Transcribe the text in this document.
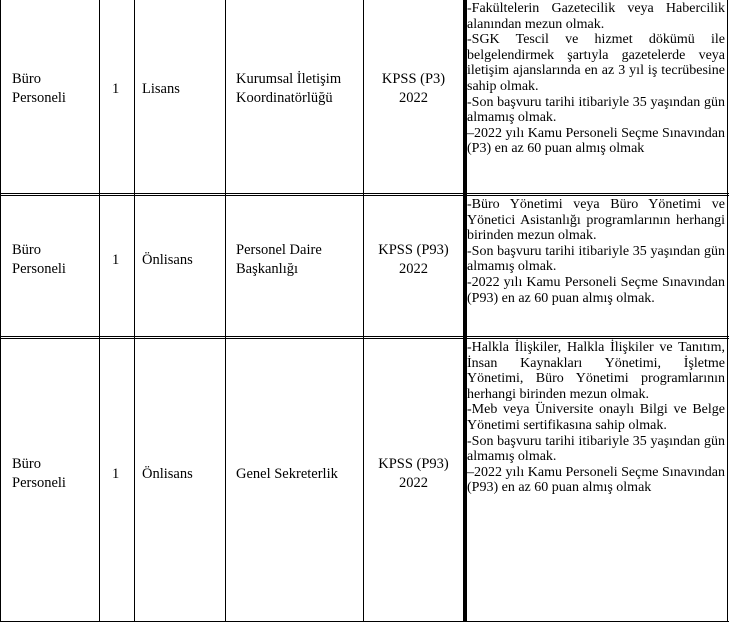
Büro Personeli
1 Lisans
Kurumsal İletişim Koordinatörlüğü
KPSS (P3)
2022

-Fakültelerin Gazetecilik veya Habercilik alanından mezun olmak.

-SGK Tescil ve hizmet dökümü ile belgelendirmek şartıyla gazetelerde veya iletişim ajanslarında en az 3 yıl iş tecrübesine sahip olmak.

-Son başvuru tarihi itibariyle 35 yaşından gün almamış olmak.

–2022 yılı Kamu Personeli Seçme Sınavından (P3) en az 60 puan almış olmak

Büro Personeli
1 Önlisans
Personel Daire Başkanlığı
KPSS (P93)
2022

-Büro Yönetimi veya Büro Yönetimi ve Yönetici Asistanlığı programlarının herhangi birinden mezun olmak.

-Son başvuru tarihi itibariyle 35 yaşından gün almamış olmak.

-2022 yılı Kamu Personeli Seçme Sınavından (P93) en az 60 puan almış olmak.

Büro Personeli
1 Önlisans	Genel Sekreterlik
KPSS (P93)
2022

-Halkla İlişkiler, Halkla İlişkiler ve Tanıtım, İnsan Kaynakları Yönetimi, İşletme Yönetimi, Büro Yönetimi programlarının herhangi birinden mezun olmak.

-Meb veya Üniversite onaylı Bilgi ve Belge Yönetimi sertifikasına sahip olmak.

-Son başvuru tarihi itibariyle 35 yaşından gün almamış olmak.

–2022 yılı Kamu Personeli Seçme Sınavından (P93) en az 60 puan almış olmak
